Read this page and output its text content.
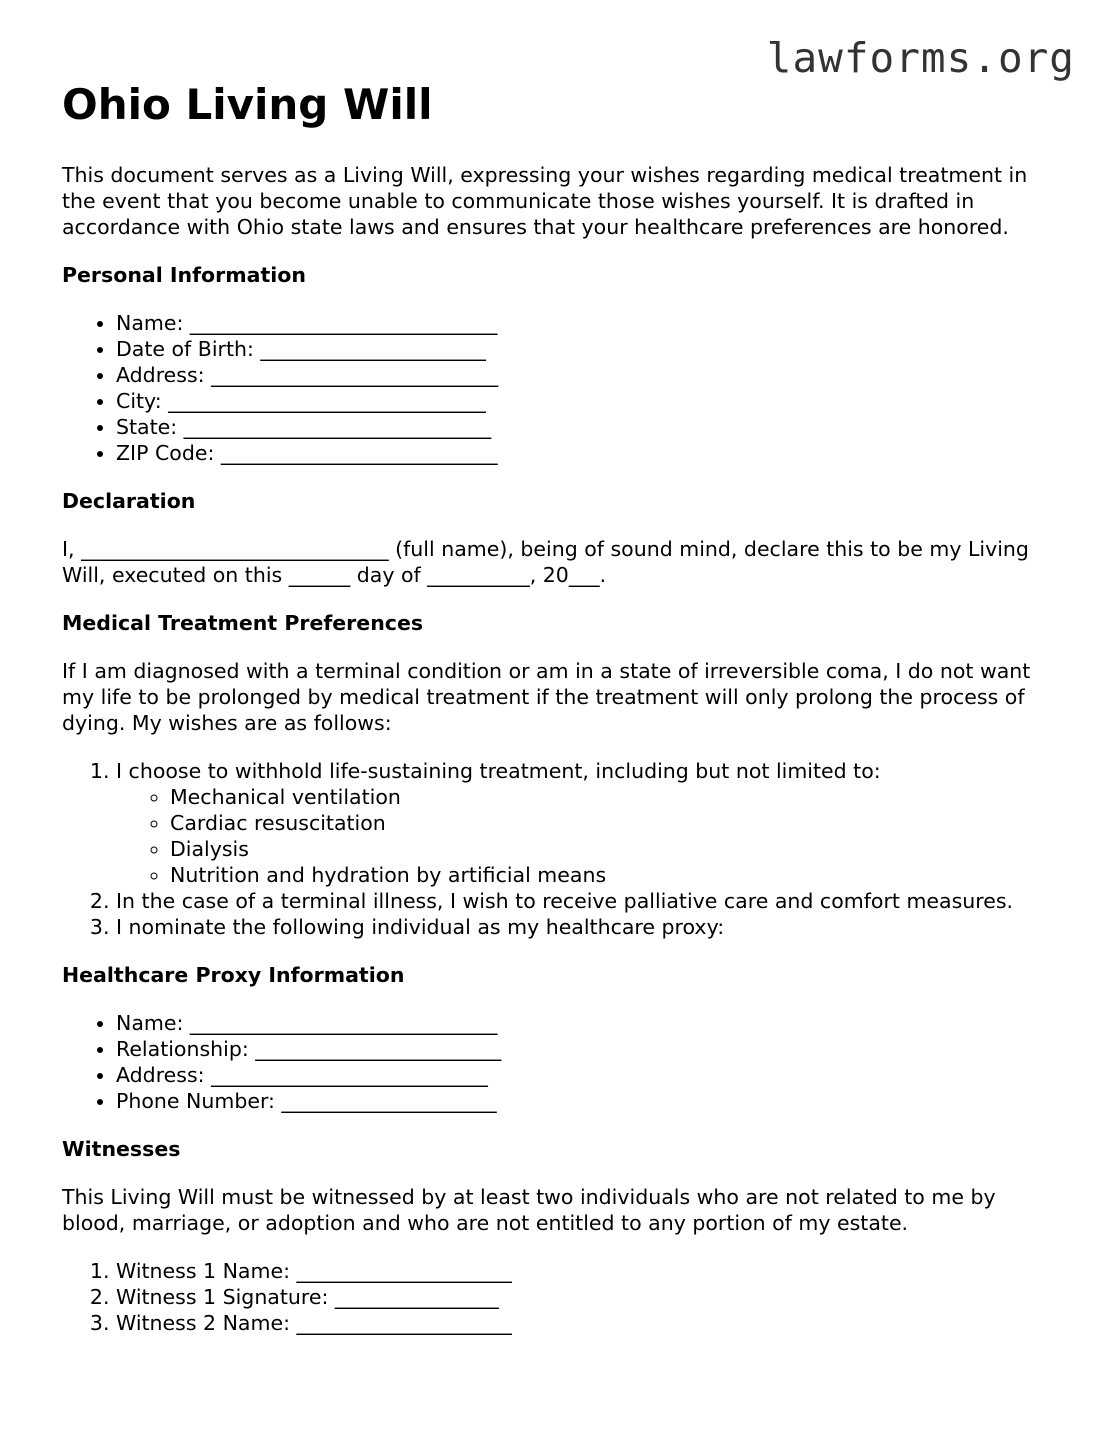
lawforms.org
Ohio Living Will

This document serves as a Living Will, expressing your wishes regarding medical treatment in the event that you become unable to communicate those wishes yourself. It is drafted in accordance with Ohio state laws and ensures that your healthcare preferences are honored.

Personal Information
• Name: ______________________________
• Date of Birth: ______________________
• Address: ____________________________
• City: _______________________________
• State: ______________________________
• ZIP Code: ___________________________
Declaration

I, ______________________________ (full name), being of sound mind, declare this to be my Living Will, executed on this ______ day of __________, 20___.

Medical Treatment Preferences

If I am diagnosed with a terminal condition or am in a state of irreversible coma, I do not want my life to be prolonged by medical treatment if the treatment will only prolong the process of dying. My wishes are as follows:

1. I choose to withhold life-sustaining treatment, including but not limited to:
◦ Mechanical ventilation
◦ Cardiac resuscitation
◦ Dialysis
◦ Nutrition and hydration by artificial means
2. In the case of a terminal illness, I wish to receive palliative care and comfort measures.
3. I nominate the following individual as my healthcare proxy:
Healthcare Proxy Information
• Name: ______________________________
• Relationship: ________________________
• Address: ___________________________
• Phone Number: _____________________
Witnesses

This Living Will must be witnessed by at least two individuals who are not related to me by blood, marriage, or adoption and who are not entitled to any portion of my estate.

1. Witness 1 Name: _____________________
2. Witness 1 Signature: ________________
3. Witness 2 Name: _____________________
